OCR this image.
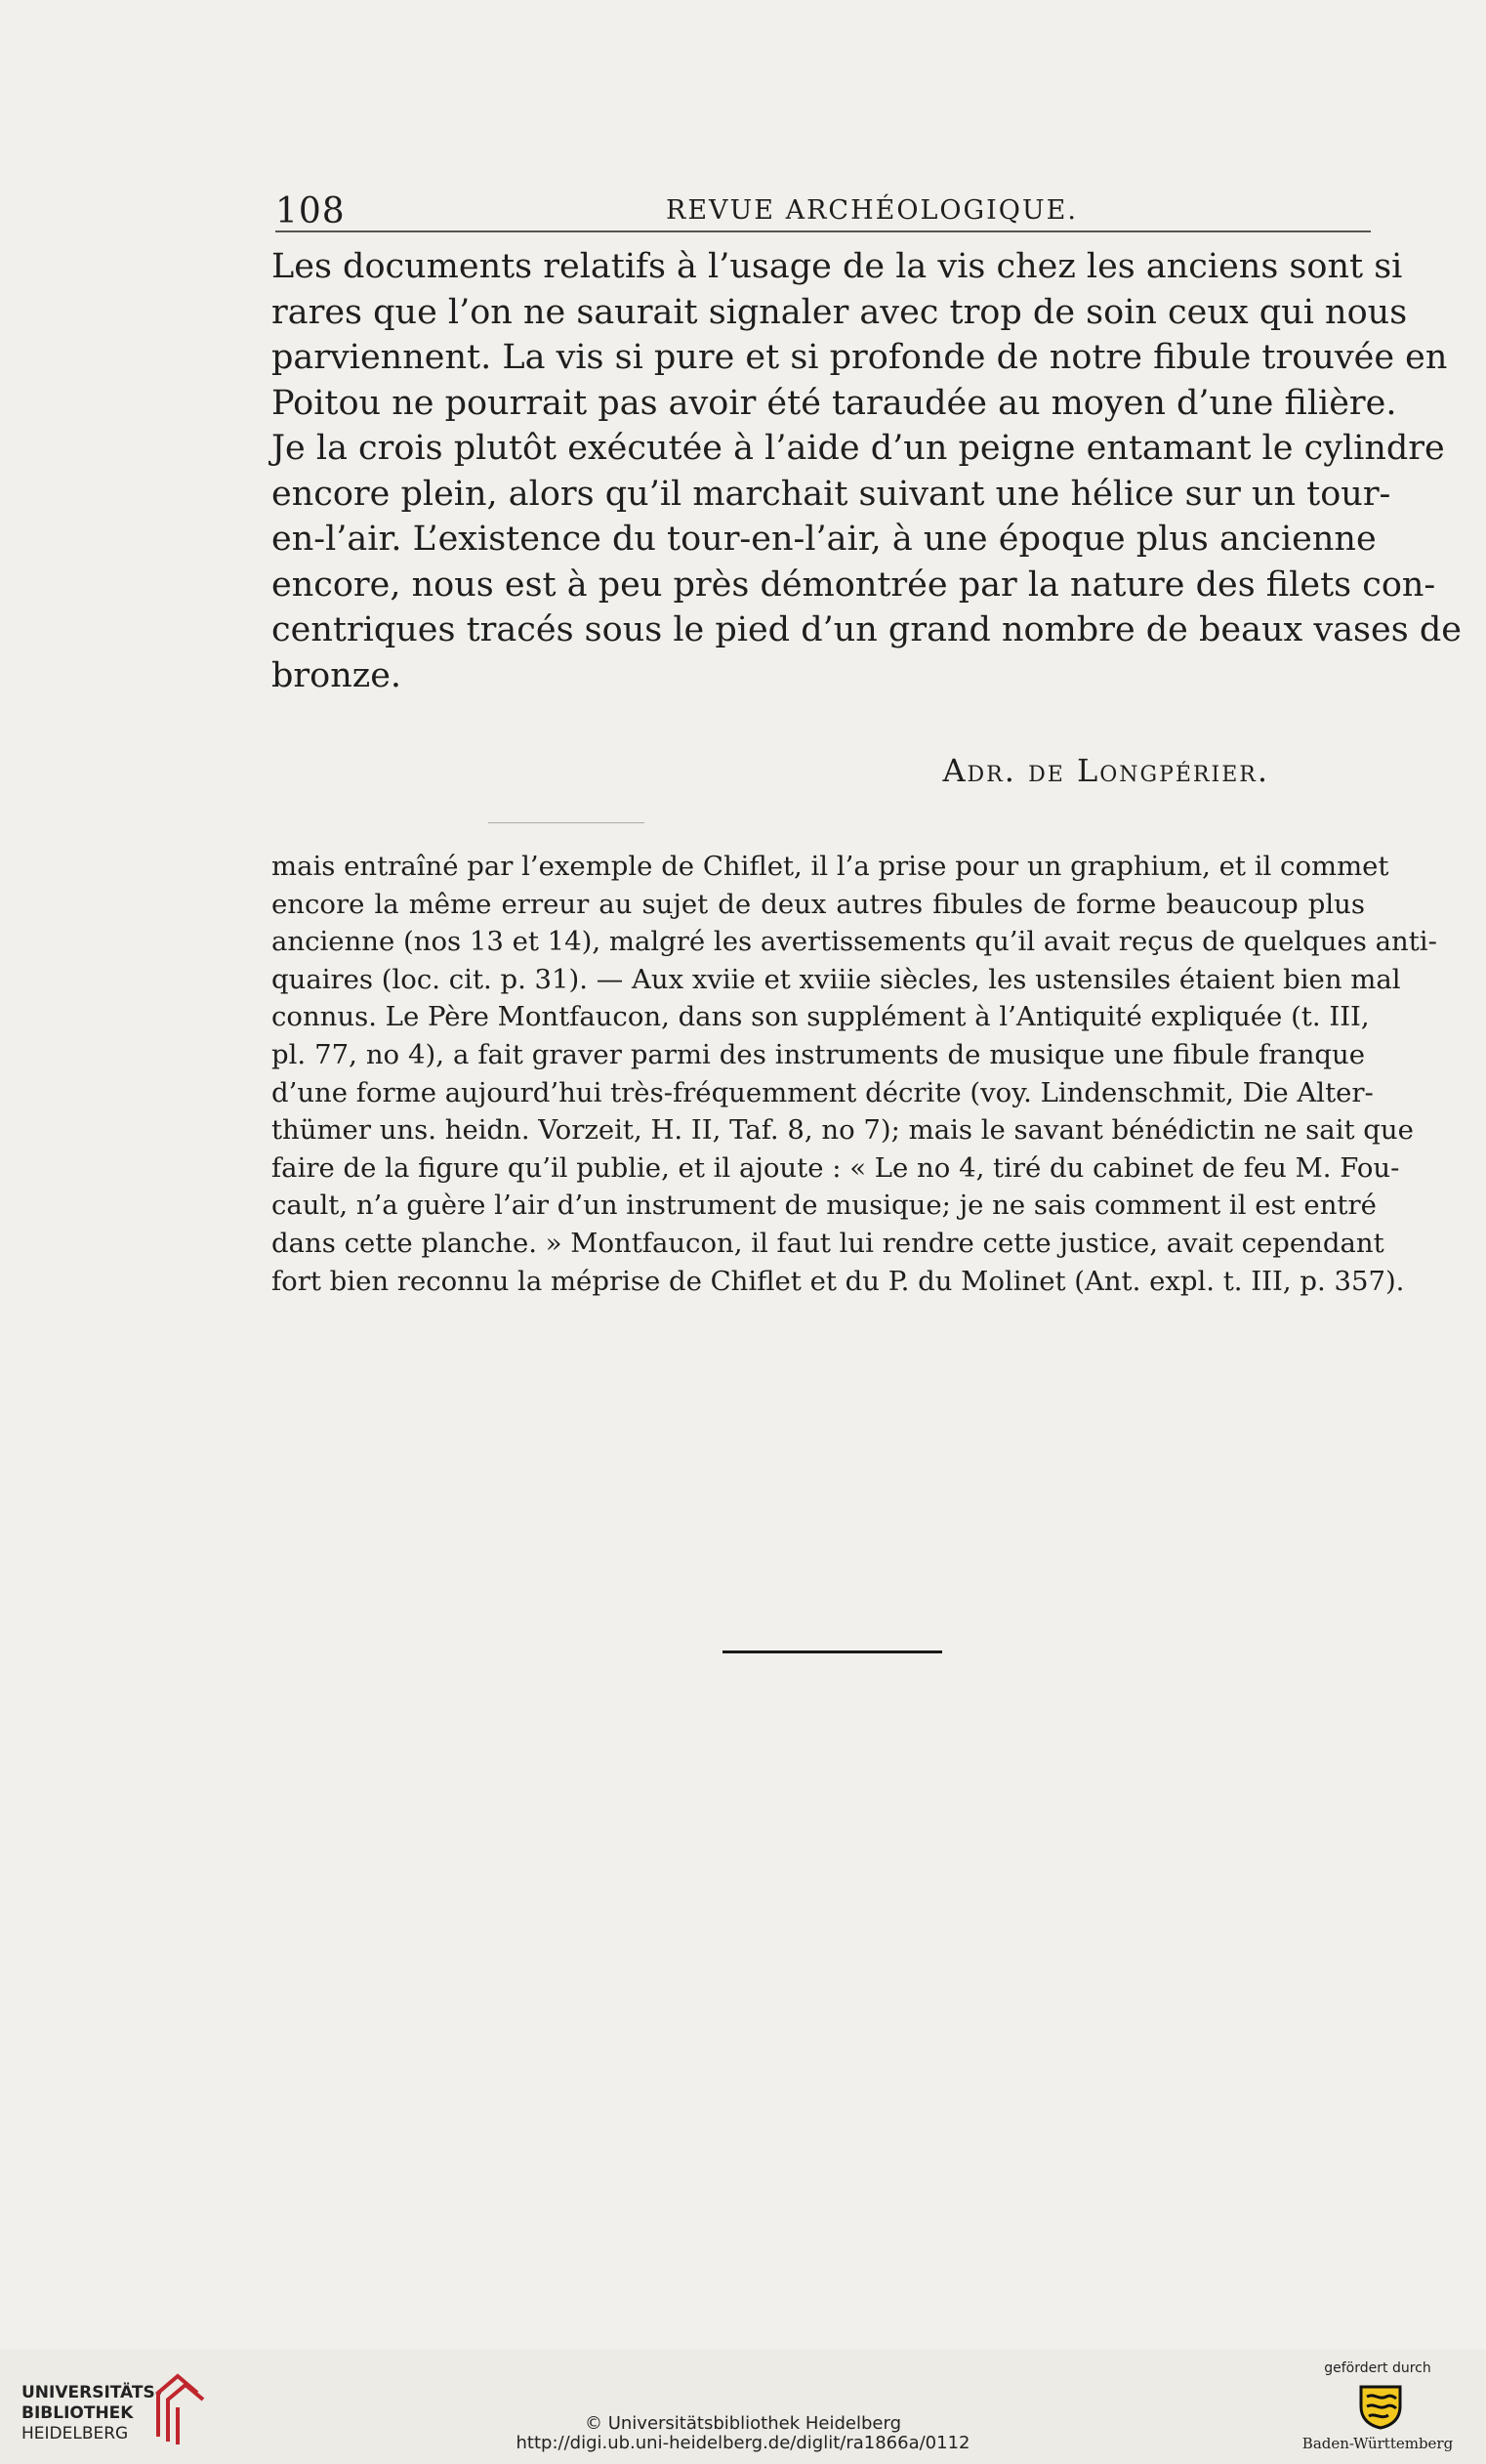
108	REVUE ARCHÉOLOGIQUE.
Les documents relatifs à l’usage de la vis chez les anciens sont si
rares que l’on ne saurait signaler avec trop de soin ceux qui nous
parviennent. La vis si pure et si profonde de notre fibule trouvée en
Poitou ne pourrait pas avoir été taraudée au moyen d’une filière.
Je la crois plutôt exécutée à l’aide d’un peigne entamant le cylindre
encore plein, alors qu’il marchait suivant une hélice sur un tour-
en-l’air. L’existence du tour-en-l’air, à une époque plus ancienne
encore, nous est à peu près démontrée par la nature des filets con-
centriques tracés sous le pied d’un grand nombre de beaux vases de
bronze.
Adr. de Longpérier.
mais entraîné par l’exemple de Chiflet, il l’a prise pour un graphium, et il commet
encore la même erreur au sujet de deux autres fibules de forme beaucoup plus
ancienne (nos 13 et 14), malgré les avertissements qu’il avait reçus de quelques anti-
quaires (loc. cit. p. 31). — Aux xviie et xviiie siècles, les ustensiles étaient bien mal
connus. Le Père Montfaucon, dans son supplément à l’Antiquité expliquée (t. III,
pl. 77, no 4), a fait graver parmi des instruments de musique une fibule franque
d’une forme aujourd’hui très-fréquemment décrite (voy. Lindenschmit, Die Alter-
thümer uns. heidn. Vorzeit, H. II, Taf. 8, no 7); mais le savant bénédictin ne sait que
faire de la figure qu’il publie, et il ajoute : « Le no 4, tiré du cabinet de feu M. Fou-
cault, n’a guère l’air d’un instrument de musique; je ne sais comment il est entré
dans cette planche. » Montfaucon, il faut lui rendre cette justice, avait cependant
fort bien reconnu la méprise de Chiflet et du P. du Molinet (Ant. expl. t. III, p. 357).
UNIVERSITÄTS-
BIBLIOTHEK
HEIDELBERG	© Universitätsbibliothek Heidelberg
http://digi.ub.uni-heidelberg.de/diglit/ra1866a/0112
gefördert durch
Baden-Württemberg
